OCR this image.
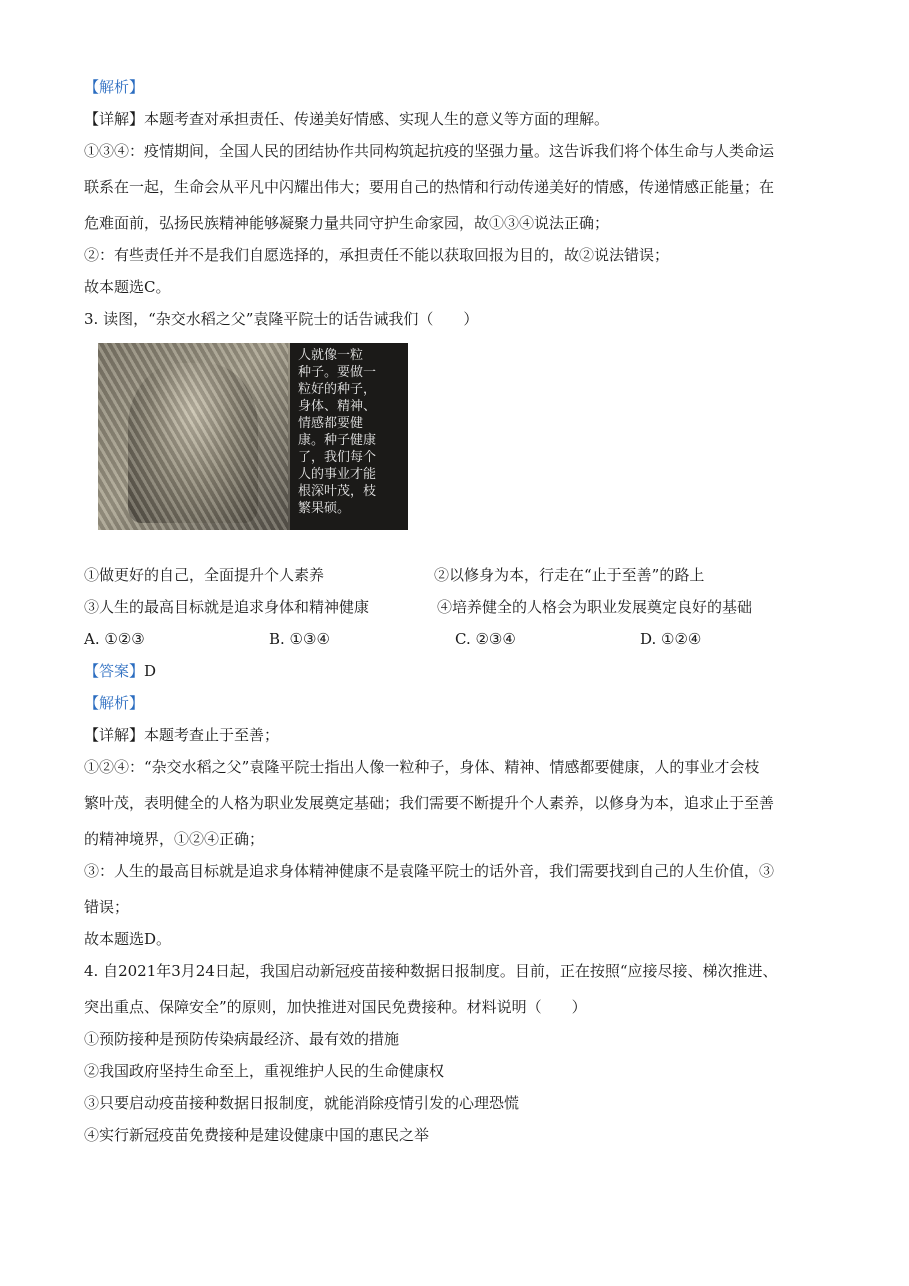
【解析】
【详解】本题考查对承担责任、传递美好情感、实现人生的意义等方面的理解。
①③④：疫情期间，全国人民的团结协作共同构筑起抗疫的坚强力量。这告诉我们将个体生命与人类命运
联系在一起，生命会从平凡中闪耀出伟大；要用自己的热情和行动传递美好的情感，传递情感正能量；在
危难面前，弘扬民族精神能够凝聚力量共同守护生命家园，故①③④说法正确；
②：有些责任并不是我们自愿选择的，承担责任不能以获取回报为目的，故②说法错误；
故本题选C。
3. 读图，“杂交水稻之父”袁隆平院士的话告诫我们（　　）
人就像一粒
种子。要做一
粒好的种子，
身体、精神、
情感都要健
康。种子健康
了，我们每个
人的事业才能
根深叶茂，枝
繁果硕。
①做更好的自己，全面提升个人素养	②以修身为本，行走在“止于至善”的路上
③人生的最高目标就是追求身体和精神健康	④培养健全的人格会为职业发展奠定良好的基础
A. ①②③	B. ①③④	C. ②③④	D. ①②④
【答案】D
【解析】
【详解】本题考查止于至善；
①②④：“杂交水稻之父”袁隆平院士指出人像一粒种子，身体、精神、情感都要健康，人的事业才会枝
繁叶茂，表明健全的人格为职业发展奠定基础；我们需要不断提升个人素养，以修身为本，追求止于至善
的精神境界，①②④正确；
③：人生的最高目标就是追求身体精神健康不是袁隆平院士的话外音，我们需要找到自己的人生价值，③
错误；
故本题选D。
4. 自2021年3月24日起，我国启动新冠疫苗接种数据日报制度。目前，正在按照“应接尽接、梯次推进、
突出重点、保障安全”的原则，加快推进对国民免费接种。材料说明（　　）
①预防接种是预防传染病最经济、最有效的措施
②我国政府坚持生命至上，重视维护人民的生命健康权
③只要启动疫苗接种数据日报制度，就能消除疫情引发的心理恐慌
④实行新冠疫苗免费接种是建设健康中国的惠民之举
